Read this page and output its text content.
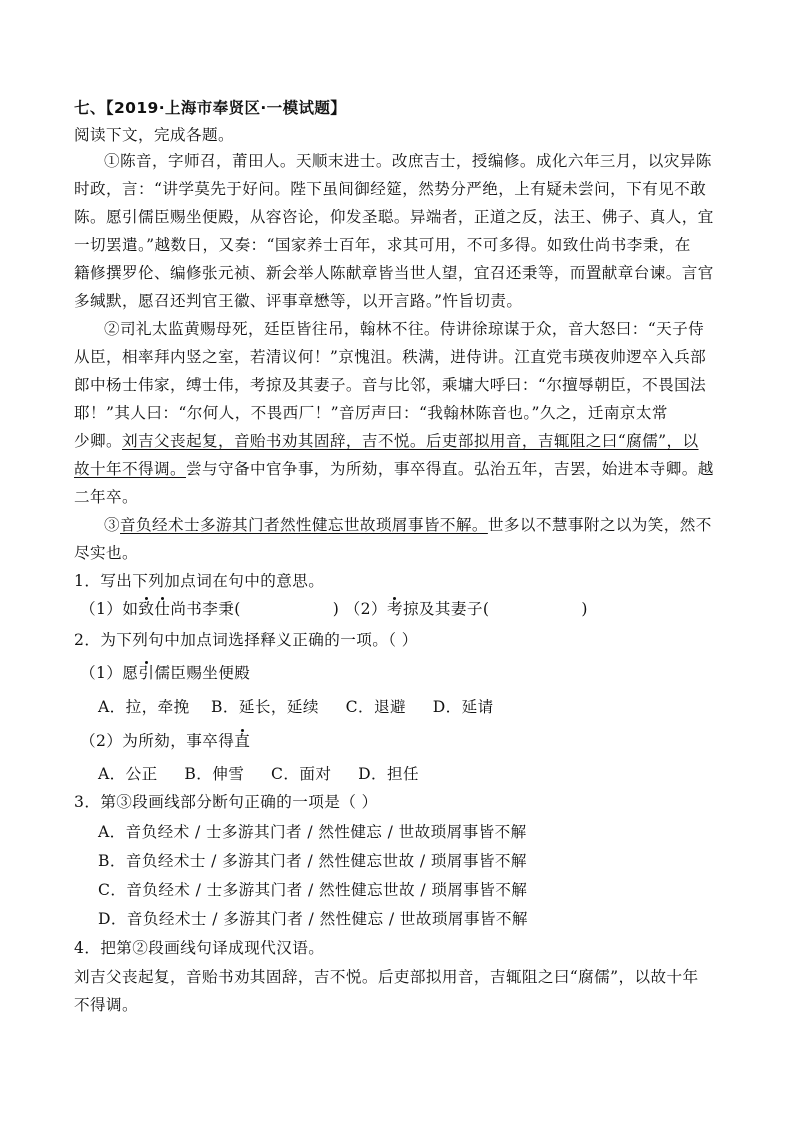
七、【2019·上海市奉贤区·一模试题】
阅读下文，完成各题。
①陈音，字师召，莆田人。天顺末进士。改庶吉士，授编修。成化六年三月，以灾异陈
时政，言：“讲学莫先于好问。陛下虽间御经筵，然势分严绝，上有疑未尝问，下有见不敢
陈。愿引儒臣赐坐便殿，从容咨论，仰发圣聪。异端者，正道之反，法王、佛子、真人，宜
一切罢遣。”越数日，又奏：“国家养士百年，求其可用，不可多得。如致仕尚书李秉，在
籍修撰罗伦、编修张元祯、新会举人陈献章皆当世人望，宜召还秉等，而置献章台谏。言官
多缄默，愿召还判官王徽、评事章懋等，以开言路。”忤旨切责。
②司礼太监黄赐母死，廷臣皆往吊，翰林不往。侍讲徐琼谋于众，音大怒曰：“天子侍
从臣，相率拜内竖之室，若清议何！”京愧沮。秩满，进侍讲。江直党韦瑛夜帅逻卒入兵部
郎中杨士伟家，缚士伟，考掠及其妻子。音与比邻，乘墉大呼曰：“尔擅辱朝臣，不畏国法
耶！”其人曰：“尔何人，不畏西厂！”音厉声曰：“我翰林陈音也。”久之，迁南京太常
少卿。刘吉父丧起复，音贻书劝其固辞，吉不悦。后吏部拟用音，吉辄阻之曰“腐儒”，以
故十年不得调。尝与守备中官争事，为所劾，事卒得直。弘治五年，吉罢，始进本寺卿。越
二年卒。
③音负经术士多游其门者然性健忘世故琐屑事皆不解。世多以不慧事附之以为笑，然不
尽实也。
1．写出下列加点词在句中的意思。
（1）如致仕尚书李秉(	) （2）考掠及其妻子(	)
2．为下列句中加点词选择释义正确的一项。（ ）
（1）愿引儒臣赐坐便殿
A．拉，牵挽    B．延长，延续     C．退避     D．延请
（2）为所劾，事卒得直
A．公正     B．伸雪     C．面对     D．担任
3．第③段画线部分断句正确的一项是（ ）
A．音负经术 / 士多游其门者 / 然性健忘 / 世故琐屑事皆不解
B．音负经术士 / 多游其门者 / 然性健忘世故 / 琐屑事皆不解
C．音负经术 / 士多游其门者 / 然性健忘世故 / 琐屑事皆不解
D．音负经术士 / 多游其门者 / 然性健忘 / 世故琐屑事皆不解
4．把第②段画线句译成现代汉语。
刘吉父丧起复，音贻书劝其固辞，吉不悦。后吏部拟用音，吉辄阻之曰“腐儒”，以故十年
不得调。
